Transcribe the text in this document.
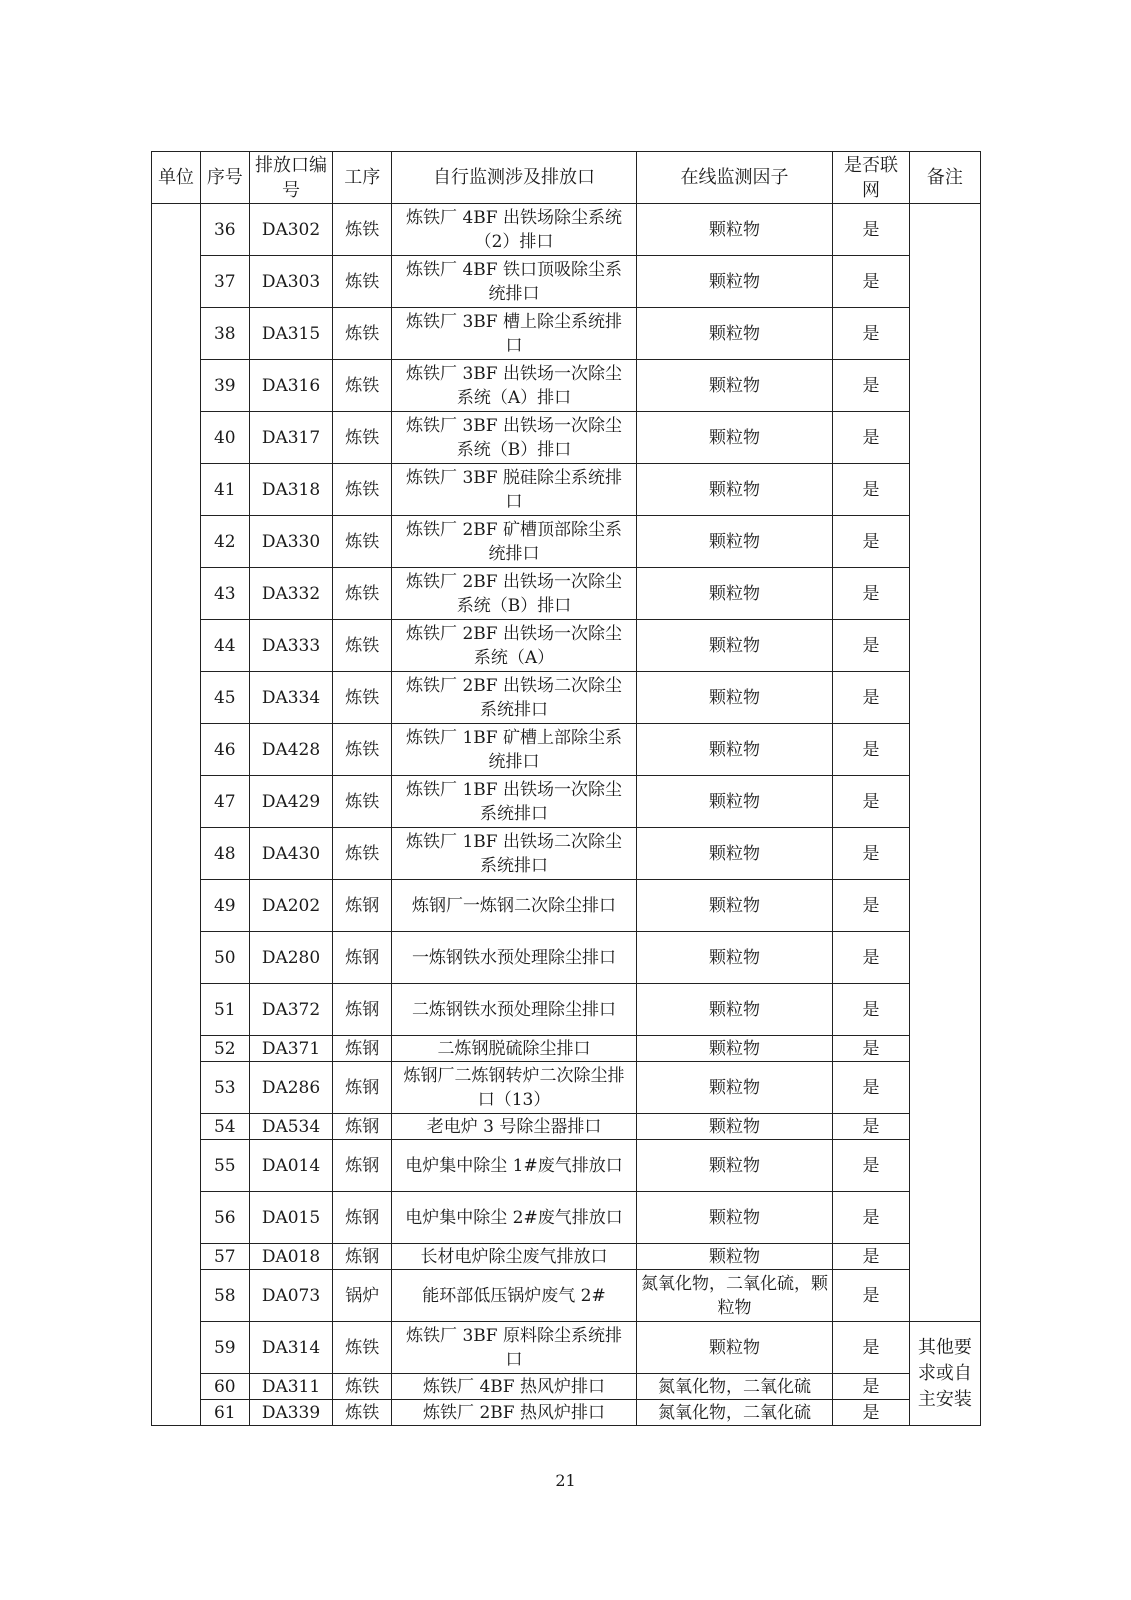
单位	序号	排放口编号	工序	自行监测涉及排放口	在线监测因子	是否联网	备注
	36	DA302	炼铁	炼铁厂 4BF 出铁场除尘系统（2）排口	颗粒物	是	
	37	DA303	炼铁	炼铁厂 4BF 铁口顶吸除尘系统排口	颗粒物	是	
	38	DA315	炼铁	炼铁厂 3BF 槽上除尘系统排口	颗粒物	是	
	39	DA316	炼铁	炼铁厂 3BF 出铁场一次除尘系统（A）排口	颗粒物	是	
	40	DA317	炼铁	炼铁厂 3BF 出铁场一次除尘系统（B）排口	颗粒物	是	
	41	DA318	炼铁	炼铁厂 3BF 脱硅除尘系统排口	颗粒物	是	
	42	DA330	炼铁	炼铁厂 2BF 矿槽顶部除尘系统排口	颗粒物	是	
	43	DA332	炼铁	炼铁厂 2BF 出铁场一次除尘系统（B）排口	颗粒物	是	
	44	DA333	炼铁	炼铁厂 2BF 出铁场一次除尘系统（A）	颗粒物	是	
	45	DA334	炼铁	炼铁厂 2BF 出铁场二次除尘系统排口	颗粒物	是	
	46	DA428	炼铁	炼铁厂 1BF 矿槽上部除尘系统排口	颗粒物	是	
	47	DA429	炼铁	炼铁厂 1BF 出铁场一次除尘系统排口	颗粒物	是	
	48	DA430	炼铁	炼铁厂 1BF 出铁场二次除尘系统排口	颗粒物	是	
	49	DA202	炼钢	炼钢厂一炼钢二次除尘排口	颗粒物	是	
	50	DA280	炼钢	一炼钢铁水预处理除尘排口	颗粒物	是	
	51	DA372	炼钢	二炼钢铁水预处理除尘排口	颗粒物	是	
	52	DA371	炼钢	二炼钢脱硫除尘排口	颗粒物	是	
	53	DA286	炼钢	炼钢厂二炼钢转炉二次除尘排口（13）	颗粒物	是	
	54	DA534	炼钢	老电炉 3 号除尘器排口	颗粒物	是	
	55	DA014	炼钢	电炉集中除尘 1#废气排放口	颗粒物	是	
	56	DA015	炼钢	电炉集中除尘 2#废气排放口	颗粒物	是	
	57	DA018	炼钢	长材电炉除尘废气排放口	颗粒物	是	
	58	DA073	锅炉	能环部低压锅炉废气 2#	氮氧化物，二氧化硫，颗粒物	是	
	59	DA314	炼铁	炼铁厂 3BF 原料除尘系统排口	颗粒物	是	其他要求或自主安装
	60	DA311	炼铁	炼铁厂 4BF 热风炉排口	氮氧化物，二氧化硫	是	
	61	DA339	炼铁	炼铁厂 2BF 热风炉排口	氮氧化物，二氧化硫	是	
21
